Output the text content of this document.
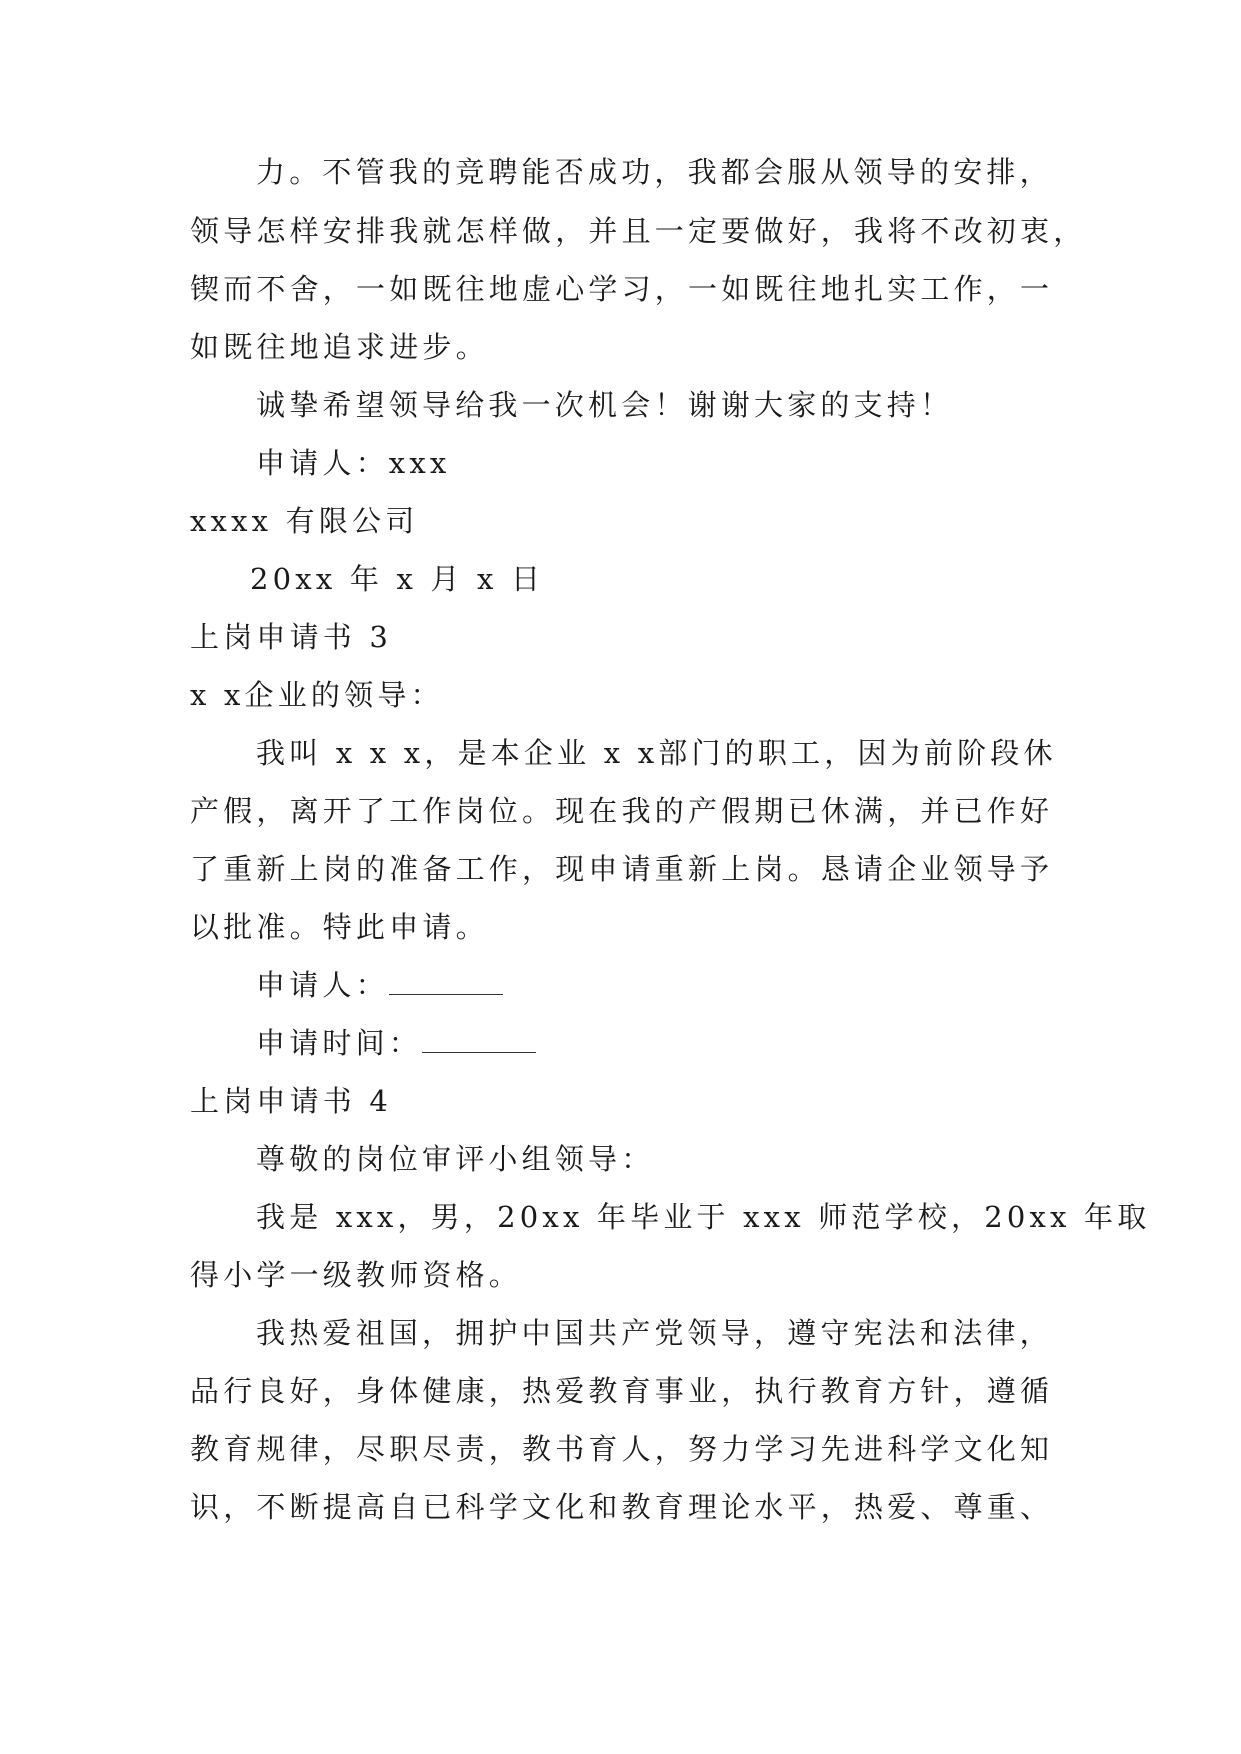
力。不管我的竞聘能否成功，我都会服从领导的安排，
领导怎样安排我就怎样做，并且一定要做好，我将不改初衷，
锲而不舍，一如既往地虚心学习，一如既往地扎实工作，一
如既往地追求进步。
诚挚希望领导给我一次机会！谢谢大家的支持！
申请人：xxx
xxxx 有限公司
20xx 年 x 月 x 日
上岗申请书 3
x x企业的领导：
我叫 x x x，是本企业 x x部门的职工，因为前阶段休
产假，离开了工作岗位。现在我的产假期已休满，并已作好
了重新上岗的准备工作，现申请重新上岗。恳请企业领导予
以批准。特此申请。
申请人：
申请时间：
上岗申请书 4
尊敬的岗位审评小组领导：
我是 xxx，男，20xx 年毕业于 xxx 师范学校，20xx 年取
得小学一级教师资格。
我热爱祖国，拥护中国共产党领导，遵守宪法和法律，
品行良好，身体健康，热爱教育事业，执行教育方针，遵循
教育规律，尽职尽责，教书育人，努力学习先进科学文化知
识，不断提高自已科学文化和教育理论水平，热爱、尊重、
